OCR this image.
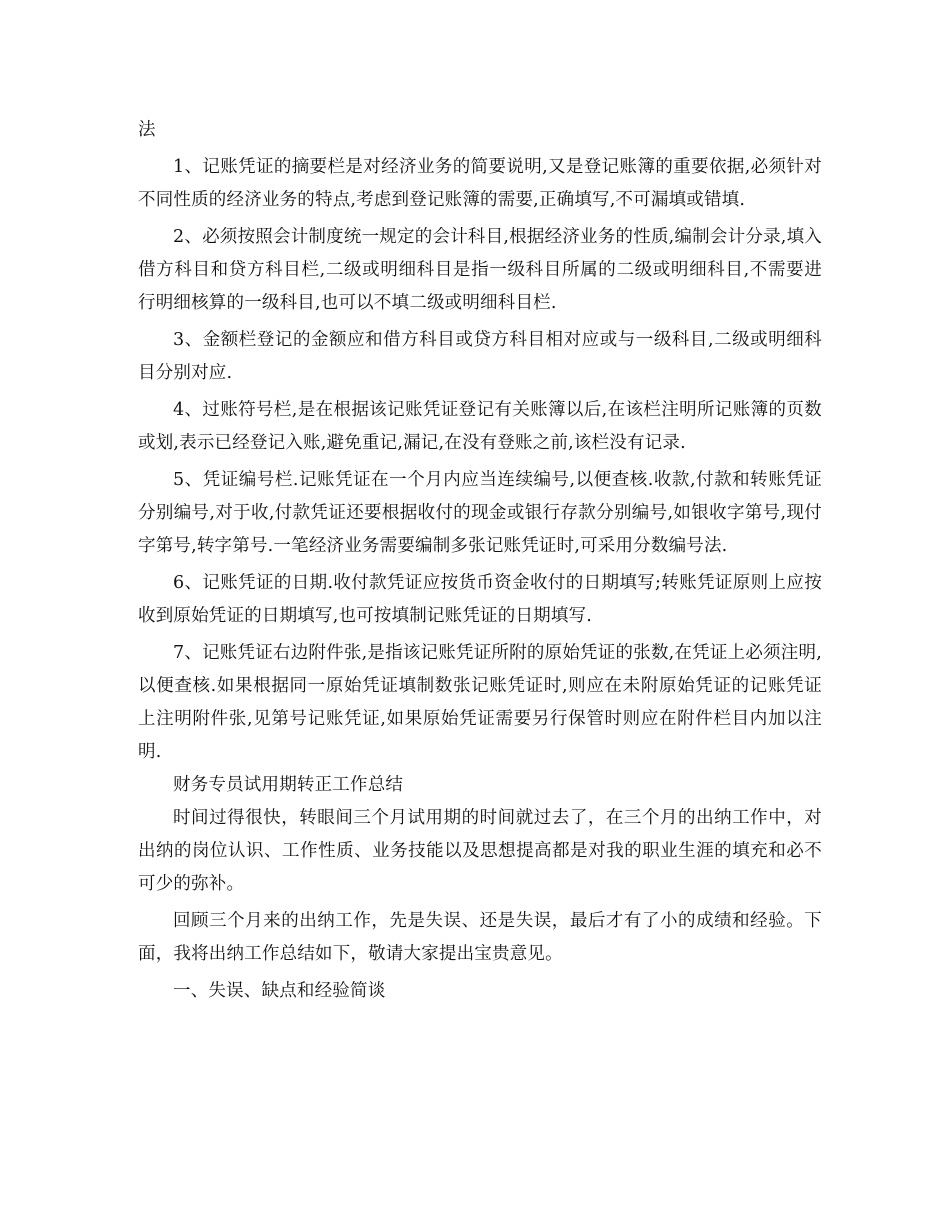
法

1、记账凭证的摘要栏是对经济业务的简要说明,又是登记账簿的重要依据,必须针对不同性质的经济业务的特点,考虑到登记账簿的需要,正确填写,不可漏填或错填.

2、必须按照会计制度统一规定的会计科目,根据经济业务的性质,编制会计分录,填入借方科目和贷方科目栏,二级或明细科目是指一级科目所属的二级或明细科目,不需要进行明细核算的一级科目,也可以不填二级或明细科目栏.

3、金额栏登记的金额应和借方科目或贷方科目相对应或与一级科目,二级或明细科目分别对应.

4、过账符号栏,是在根据该记账凭证登记有关账簿以后,在该栏注明所记账簿的页数或划,表示已经登记入账,避免重记,漏记,在没有登账之前,该栏没有记录.

5、凭证编号栏.记账凭证在一个月内应当连续编号,以便查核.收款,付款和转账凭证分别编号,对于收,付款凭证还要根据收付的现金或银行存款分别编号,如银收字第号,现付字第号,转字第号.一笔经济业务需要编制多张记账凭证时,可采用分数编号法.

6、记账凭证的日期.收付款凭证应按货币资金收付的日期填写;转账凭证原则上应按收到原始凭证的日期填写,也可按填制记账凭证的日期填写.

7、记账凭证右边附件张,是指该记账凭证所附的原始凭证的张数,在凭证上必须注明,以便查核.如果根据同一原始凭证填制数张记账凭证时,则应在未附原始凭证的记账凭证上注明附件张,见第号记账凭证,如果原始凭证需要另行保管时则应在附件栏目内加以注明.

财务专员试用期转正工作总结

时间过得很快，转眼间三个月试用期的时间就过去了，在三个月的出纳工作中，对出纳的岗位认识、工作性质、业务技能以及思想提高都是对我的职业生涯的填充和必不可少的弥补。

回顾三个月来的出纳工作，先是失误、还是失误，最后才有了小的成绩和经验。下面，我将出纳工作总结如下，敬请大家提出宝贵意见。

一、失误、缺点和经验简谈
